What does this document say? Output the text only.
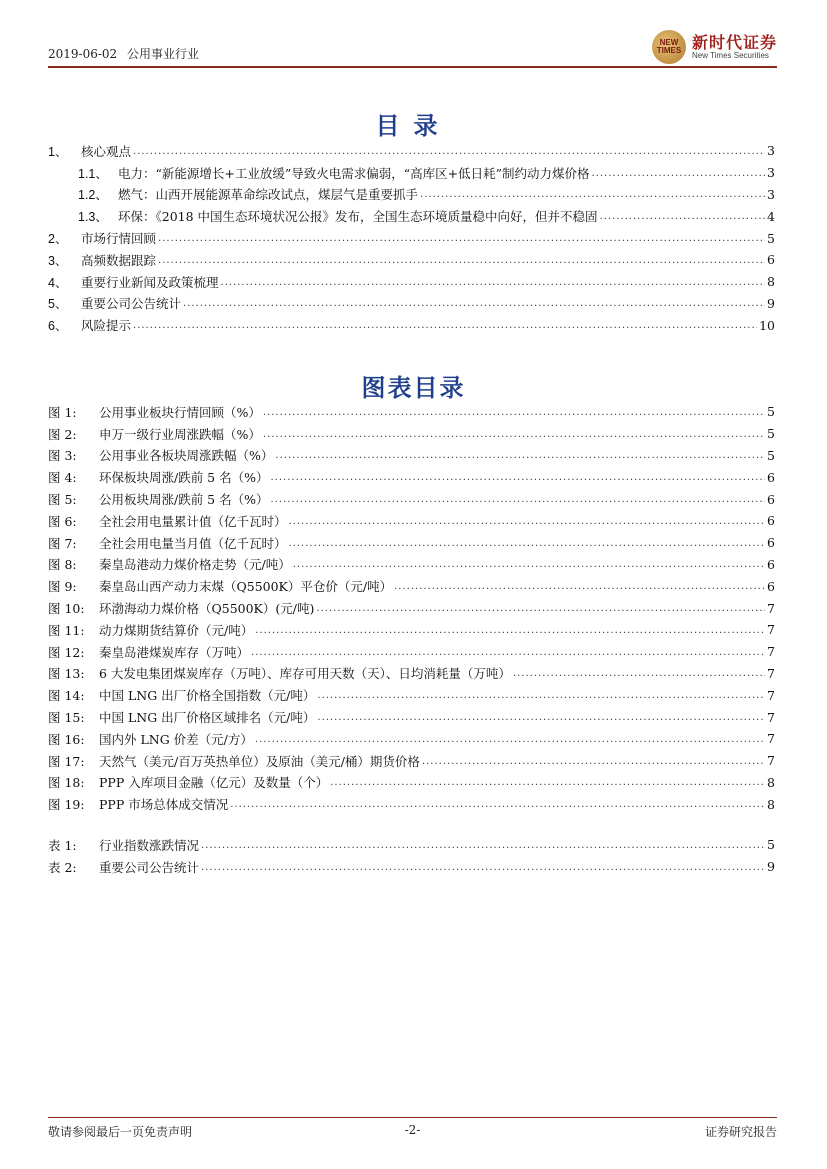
2019-06-02 公用事业行业
NEW TIMES 新时代证券
New Times Securities
目录
1、	核心观点 .....	3
1.1、 电力：“新能源增长+工业放缓”导致火电需求偏弱，“高库区+低日耗”制约动力煤价格 .....	3
1.2、 燃气：山西开展能源革命综改试点，煤层气是重要抓手 .....	3
1.3、 环保：《2018 中国生态环境状况公报》发布，全国生态环境质量稳中向好，但并不稳固 .....	4
2、	市场行情回顾 .....	5
3、	高频数据跟踪 .....	6
4、	重要行业新闻及政策梳理 .....	8
5、	重要公司公告统计 .....	9
6、	风险提示 .....	10
图表目录
图 1:	公用事业板块行情回顾（%） .....	5
图 2:	申万一级行业周涨跌幅（%） .....	5
图 3:	公用事业各板块周涨跌幅（%） .....	5
图 4:	环保板块周涨/跌前 5 名（%） .....	6
图 5:	公用板块周涨/跌前 5 名（%） .....	6
图 6:	全社会用电量累计值（亿千瓦时） .....	6
图 7:	全社会用电量当月值（亿千瓦时） .....	6
图 8:	秦皇岛港动力煤价格走势（元/吨） .....	6
图 9:	秦皇岛山西产动力末煤（Q5500K）平仓价（元/吨） .....	6
图 10:	环渤海动力煤价格（Q5500K）(元/吨) .....	7
图 11:	动力煤期货结算价（元/吨） .....	7
图 12:	秦皇岛港煤炭库存（万吨） .....	7
图 13:	6 大发电集团煤炭库存（万吨）、库存可用天数（天）、日均消耗量（万吨） .....	7
图 14:	中国 LNG 出厂价格全国指数（元/吨） .....	7
图 15:	中国 LNG 出厂价格区域排名（元/吨） .....	7
图 16:	国内外 LNG 价差（元/方） .....	7
图 17:	天然气（美元/百万英热单位）及原油（美元/桶）期货价格 .....	7
图 18:	PPP 入库项目金融（亿元）及数量（个） .....	8
图 19:	PPP 市场总体成交情况 .....	8
表 1:	行业指数涨跌情况 .....	5
表 2:	重要公司公告统计 .....	9
敬请参阅最后一页免责声明	-2-	证券研究报告
